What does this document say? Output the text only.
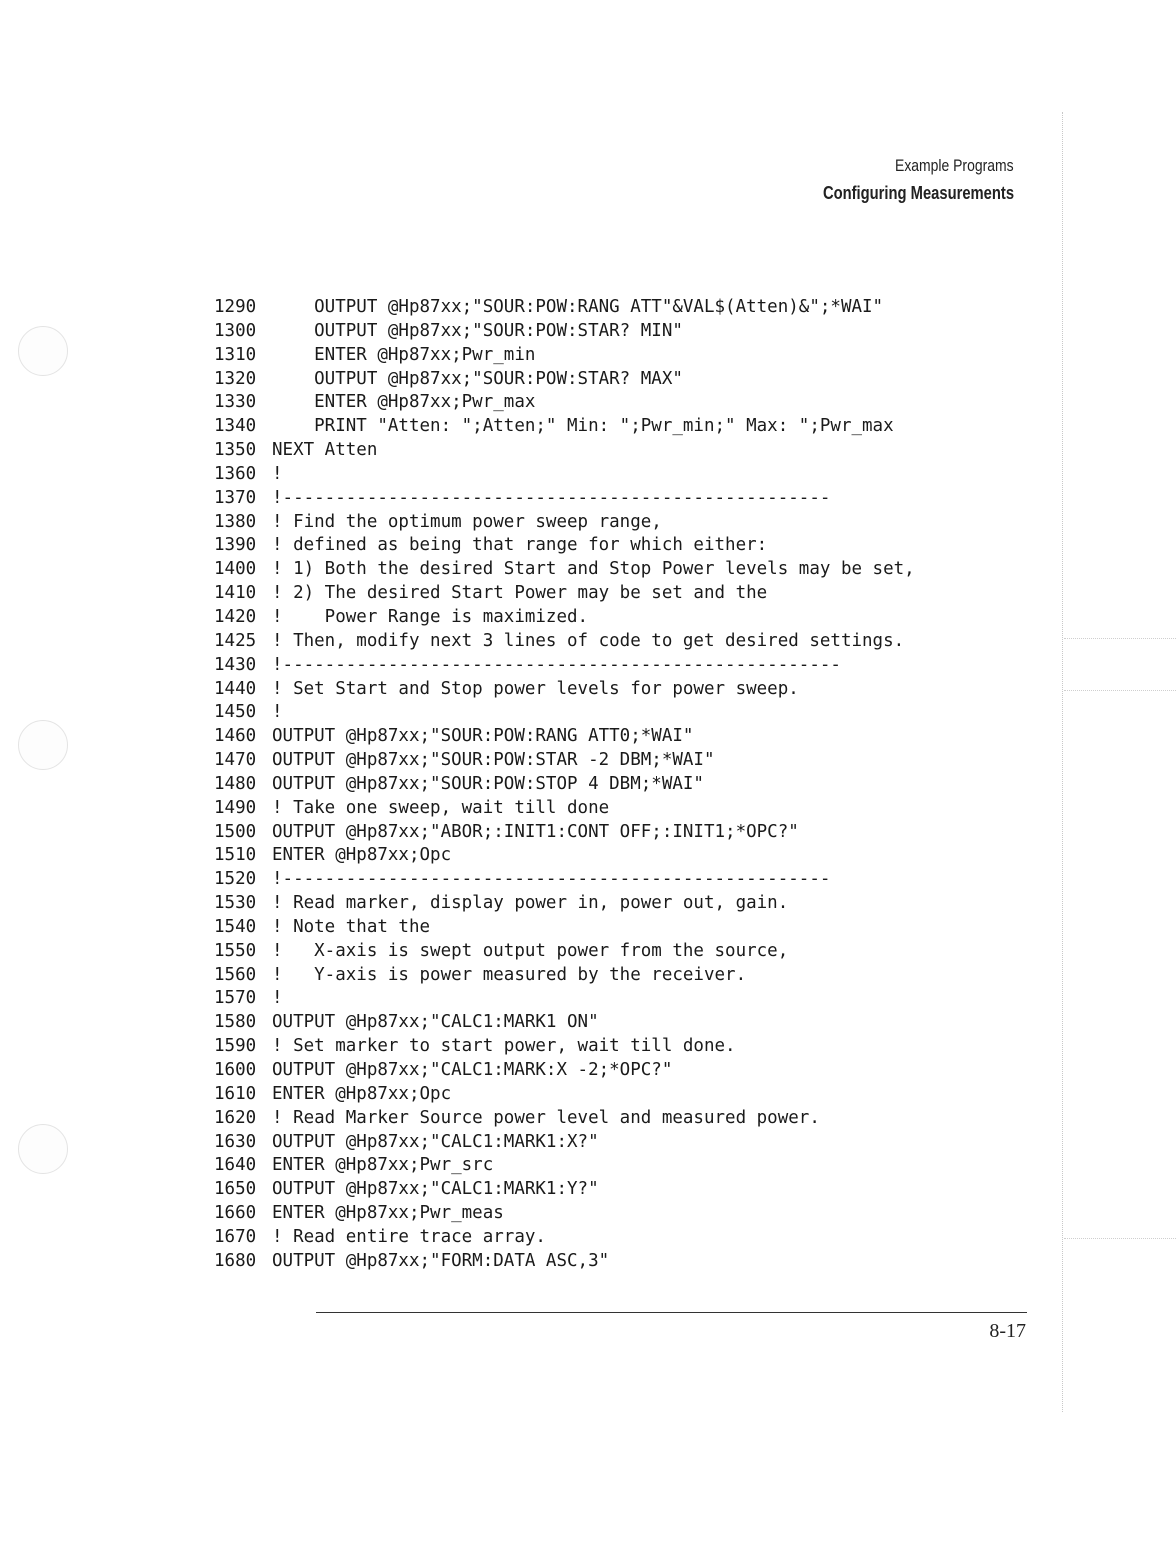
Example Programs
Configuring Measurements
1290    OUTPUT @Hp87xx;"SOUR:POW:RANG ATT"&VAL$(Atten)&";*WAI"
1300    OUTPUT @Hp87xx;"SOUR:POW:STAR? MIN"
1310    ENTER @Hp87xx;Pwr_min
1320    OUTPUT @Hp87xx;"SOUR:POW:STAR? MAX"
1330    ENTER @Hp87xx;Pwr_max
1340    PRINT "Atten: ";Atten;" Min: ";Pwr_min;" Max: ";Pwr_max
1350 NEXT Atten
1360 !
1370 !----------------------------------------------------
1380 ! Find the optimum power sweep range,
1390 ! defined as being that range for which either:
1400 ! 1) Both the desired Start and Stop Power levels may be set,
1410 ! 2) The desired Start Power may be set and the
1420 !    Power Range is maximized.
1425 ! Then, modify next 3 lines of code to get desired settings.
1430 !-----------------------------------------------------
1440 ! Set Start and Stop power levels for power sweep.
1450 !
1460 OUTPUT @Hp87xx;"SOUR:POW:RANG ATT0;*WAI"
1470 OUTPUT @Hp87xx;"SOUR:POW:STAR -2 DBM;*WAI"
1480 OUTPUT @Hp87xx;"SOUR:POW:STOP 4 DBM;*WAI"
1490 ! Take one sweep, wait till done
1500 OUTPUT @Hp87xx;"ABOR;:INIT1:CONT OFF;:INIT1;*OPC?"
1510 ENTER @Hp87xx;Opc
1520 !----------------------------------------------------
1530 ! Read marker, display power in, power out, gain.
1540 ! Note that the
1550 !   X-axis is swept output power from the source,
1560 !   Y-axis is power measured by the receiver.
1570 !
1580 OUTPUT @Hp87xx;"CALC1:MARK1 ON"
1590 ! Set marker to start power, wait till done.
1600 OUTPUT @Hp87xx;"CALC1:MARK:X -2;*OPC?"
1610 ENTER @Hp87xx;Opc
1620 ! Read Marker Source power level and measured power.
1630 OUTPUT @Hp87xx;"CALC1:MARK1:X?"
1640 ENTER @Hp87xx;Pwr_src
1650 OUTPUT @Hp87xx;"CALC1:MARK1:Y?"
1660 ENTER @Hp87xx;Pwr_meas
1670 ! Read entire trace array.
1680 OUTPUT @Hp87xx;"FORM:DATA ASC,3"
8-17
